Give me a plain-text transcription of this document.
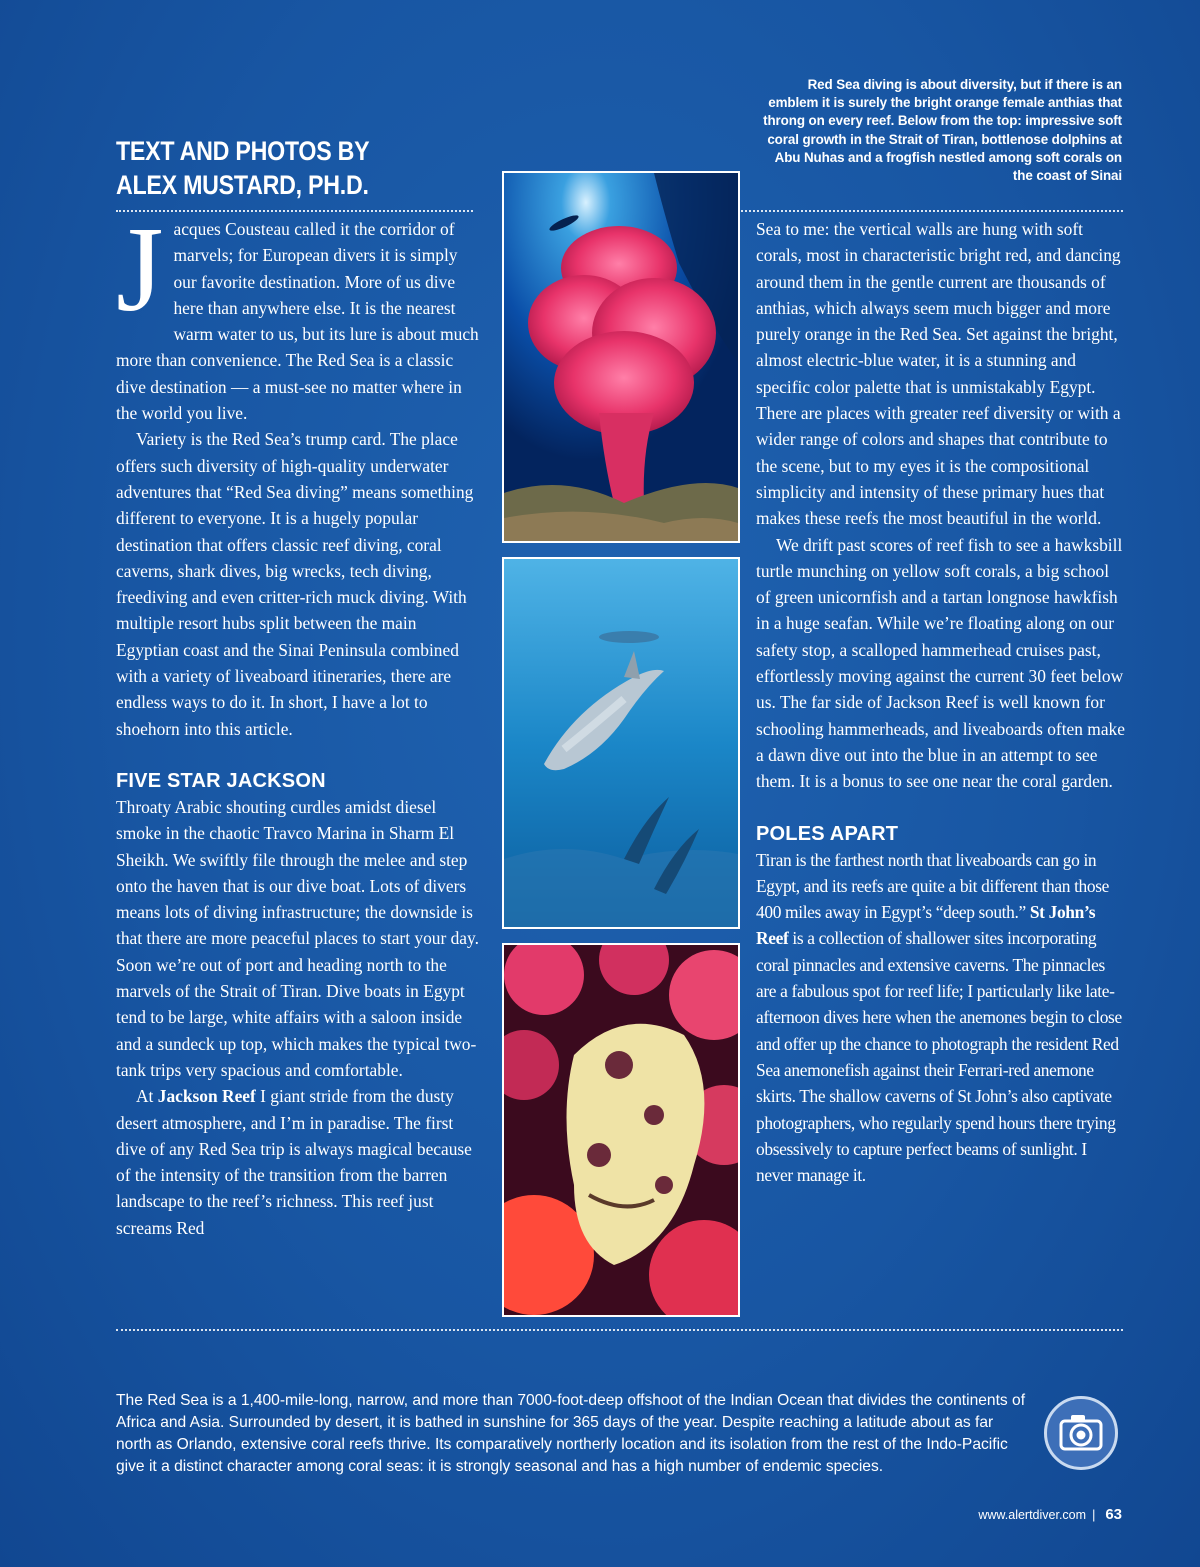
Red Sea diving is about diversity, but if there is an emblem it is surely the bright orange female anthias that throng on every reef. Below from the top: impressive soft coral growth in the Strait of Tiran, bottlenose dolphins at Abu Nuhas and a frogfish nestled among soft corals on the coast of Sinai

TEXT AND PHOTOS BY
ALEX MUSTARD, PH.D.

Jacques Cousteau called it the corridor of marvels; for European divers it is simply our favorite destination. More of us dive here than anywhere else. It is the nearest warm water to us, but its lure is about much more than convenience. The Red Sea is a classic dive destination — a must-see no matter where in the world you live.

Variety is the Red Sea’s trump card. The place offers such diversity of high-quality underwater adventures that “Red Sea diving” means something different to everyone. It is a hugely popular destination that offers classic reef diving, coral caverns, shark dives, big wrecks, tech diving, freediving and even critter-rich muck diving. With multiple resort hubs split between the main Egyptian coast and the Sinai Peninsula combined with a variety of liveaboard itineraries, there are endless ways to do it. In short, I have a lot to shoehorn into this article.

FIVE STAR JACKSON

Throaty Arabic shouting curdles amidst diesel smoke in the chaotic Travco Marina in Sharm El Sheikh. We swiftly file through the melee and step onto the haven that is our dive boat. Lots of divers means lots of diving infrastructure; the downside is that there are more peaceful places to start your day. Soon we’re out of port and heading north to the marvels of the Strait of Tiran. Dive boats in Egypt tend to be large, white affairs with a saloon inside and a sundeck up top, which makes the typical two-tank trips very spacious and comfortable.

At Jackson Reef I giant stride from the dusty desert atmosphere, and I’m in paradise. The first dive of any Red Sea trip is always magical because of the intensity of the transition from the barren landscape to the reef’s richness. This reef just screams Red

Sea to me: the vertical walls are hung with soft corals, most in characteristic bright red, and dancing around them in the gentle current are thousands of anthias, which always seem much bigger and more purely orange in the Red Sea. Set against the bright, almost electric-blue water, it is a stunning and specific color palette that is unmistakably Egypt. There are places with greater reef diversity or with a wider range of colors and shapes that contribute to the scene, but to my eyes it is the compositional simplicity and intensity of these primary hues that makes these reefs the most beautiful in the world.

We drift past scores of reef fish to see a hawksbill turtle munching on yellow soft corals, a big school of green unicornfish and a tartan longnose hawkfish in a huge seafan. While we’re floating along on our safety stop, a scalloped hammerhead cruises past, effortlessly moving against the current 30 feet below us. The far side of Jackson Reef is well known for schooling hammerheads, and liveaboards often make a dawn dive out into the blue in an attempt to see them. It is a bonus to see one near the coral garden.

POLES APART

Tiran is the farthest north that liveaboards can go in Egypt, and its reefs are quite a bit different than those 400 miles away in Egypt’s “deep south.” St John’s Reef is a collection of shallower sites incorporating coral pinnacles and extensive caverns. The pinnacles are a fabulous spot for reef life; I particularly like late-afternoon dives here when the anemones begin to close and offer up the chance to photograph the resident Red Sea anemonefish against their Ferrari-red anemone skirts. The shallow caverns of St John’s also captivate photographers, who regularly spend hours there trying obsessively to capture perfect beams of sunlight. I never manage it.

The Red Sea is a 1,400-mile-long, narrow, and more than 7000-foot-deep offshoot of the Indian Ocean that divides the continents of Africa and Asia. Surrounded by desert, it is bathed in sunshine for 365 days of the year. Despite reaching a latitude about as far north as Orlando, extensive coral reefs thrive. Its comparatively northerly location and its isolation from the rest of the Indo-Pacific give it a distinct character among coral seas: it is strongly seasonal and has a high number of endemic species.

www.alertdiver.com | 63
